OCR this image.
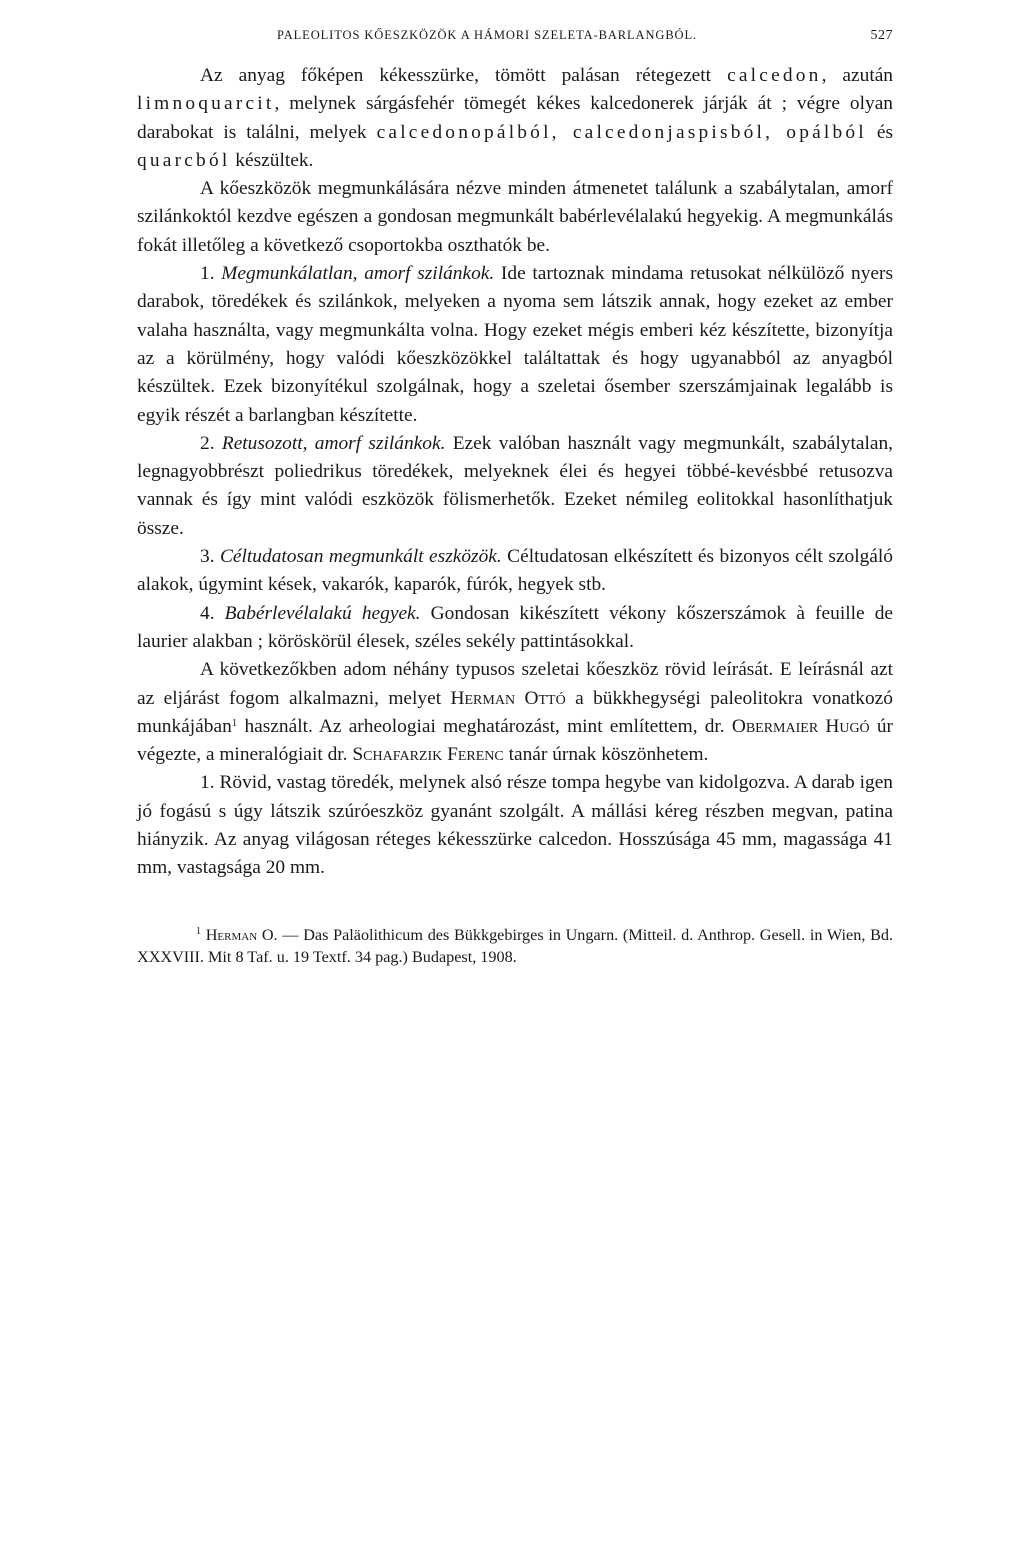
PALEOLITOS KŐESZKÖZÖK A HÁMORI SZELETA-BARLANGBÓL.	527

Az anyag főképen kékesszürke, tömött palásan rétegezett calcedon, azután limnoquarcit, melynek sárgásfehér tömegét kékes kalcedonerek járják át ; végre olyan darabokat is találni, melyek calcedonopálból, calcedonjaspisból, opálból és quarcból készültek.

A kőeszközök megmunkálására nézve minden átmenetet találunk a szabálytalan, amorf szilánkoktól kezdve egészen a gondosan megmunkált babérlevélalakú hegyekig. A megmunkálás fokát illetőleg a következő csoportokba oszthatók be.

1. Megmunkálatlan, amorf szilánkok. Ide tartoznak mindama retusokat nélkülöző nyers darabok, töredékek és szilánkok, melyeken a nyoma sem látszik annak, hogy ezeket az ember valaha használta, vagy megmunkálta volna. Hogy ezeket mégis emberi kéz készítette, bizonyítja az a körülmény, hogy valódi kőeszközökkel találtattak és hogy ugyanabból az anyagból készültek. Ezek bizonyítékul szolgálnak, hogy a szeletai ősember szerszámjainak legalább is egyik részét a barlangban készítette.

2. Retusozott, amorf szilánkok. Ezek valóban használt vagy megmunkált, szabálytalan, legnagyobbrészt poliedrikus töredékek, melyeknek élei és hegyei többé-kevésbbé retusozva vannak és így mint valódi eszközök fölismerhetők. Ezeket némileg eolitokkal hasonlíthatjuk össze.

3. Céltudatosan megmunkált eszközök. Céltudatosan elkészített és bizonyos célt szolgáló alakok, úgymint kések, vakarók, kaparók, fúrók, hegyek stb.

4. Babérlevélalakú hegyek. Gondosan kikészített vékony kőszerszámok à feuille de laurier alakban ; köröskörül élesek, széles sekély pattintásokkal.

A következőkben adom néhány typusos szeletai kőeszköz rövid leírását. E leírásnál azt az eljárást fogom alkalmazni, melyet Herman Ottó a bükkhegységi paleolitokra vonatkozó munkájában$^1$ használt. Az arheologiai meghatározást, mint említettem, dr. Obermaier Hugó úr végezte, a mineralógiait dr. Schafarzik Ferenc tanár úrnak köszönhetem.

1. Rövid, vastag töredék, melynek alsó része tompa hegybe van kidolgozva. A darab igen jó fogású s úgy látszik szúróeszköz gyanánt szolgált. A mállási kéreg részben megvan, patina hiányzik. Az anyag világosan réteges kékesszürke calcedon. Hosszúsága 45 mm, magassága 41 mm, vastagsága 20 mm.

$^1$ Herman O. — Das Paläolithicum des Bükkgebirges in Ungarn. (Mitteil. d. Anthrop. Gesell. in Wien, Bd. XXXVIII. Mit 8 Taf. u. 19 Textf. 34 pag.) Budapest, 1908.
